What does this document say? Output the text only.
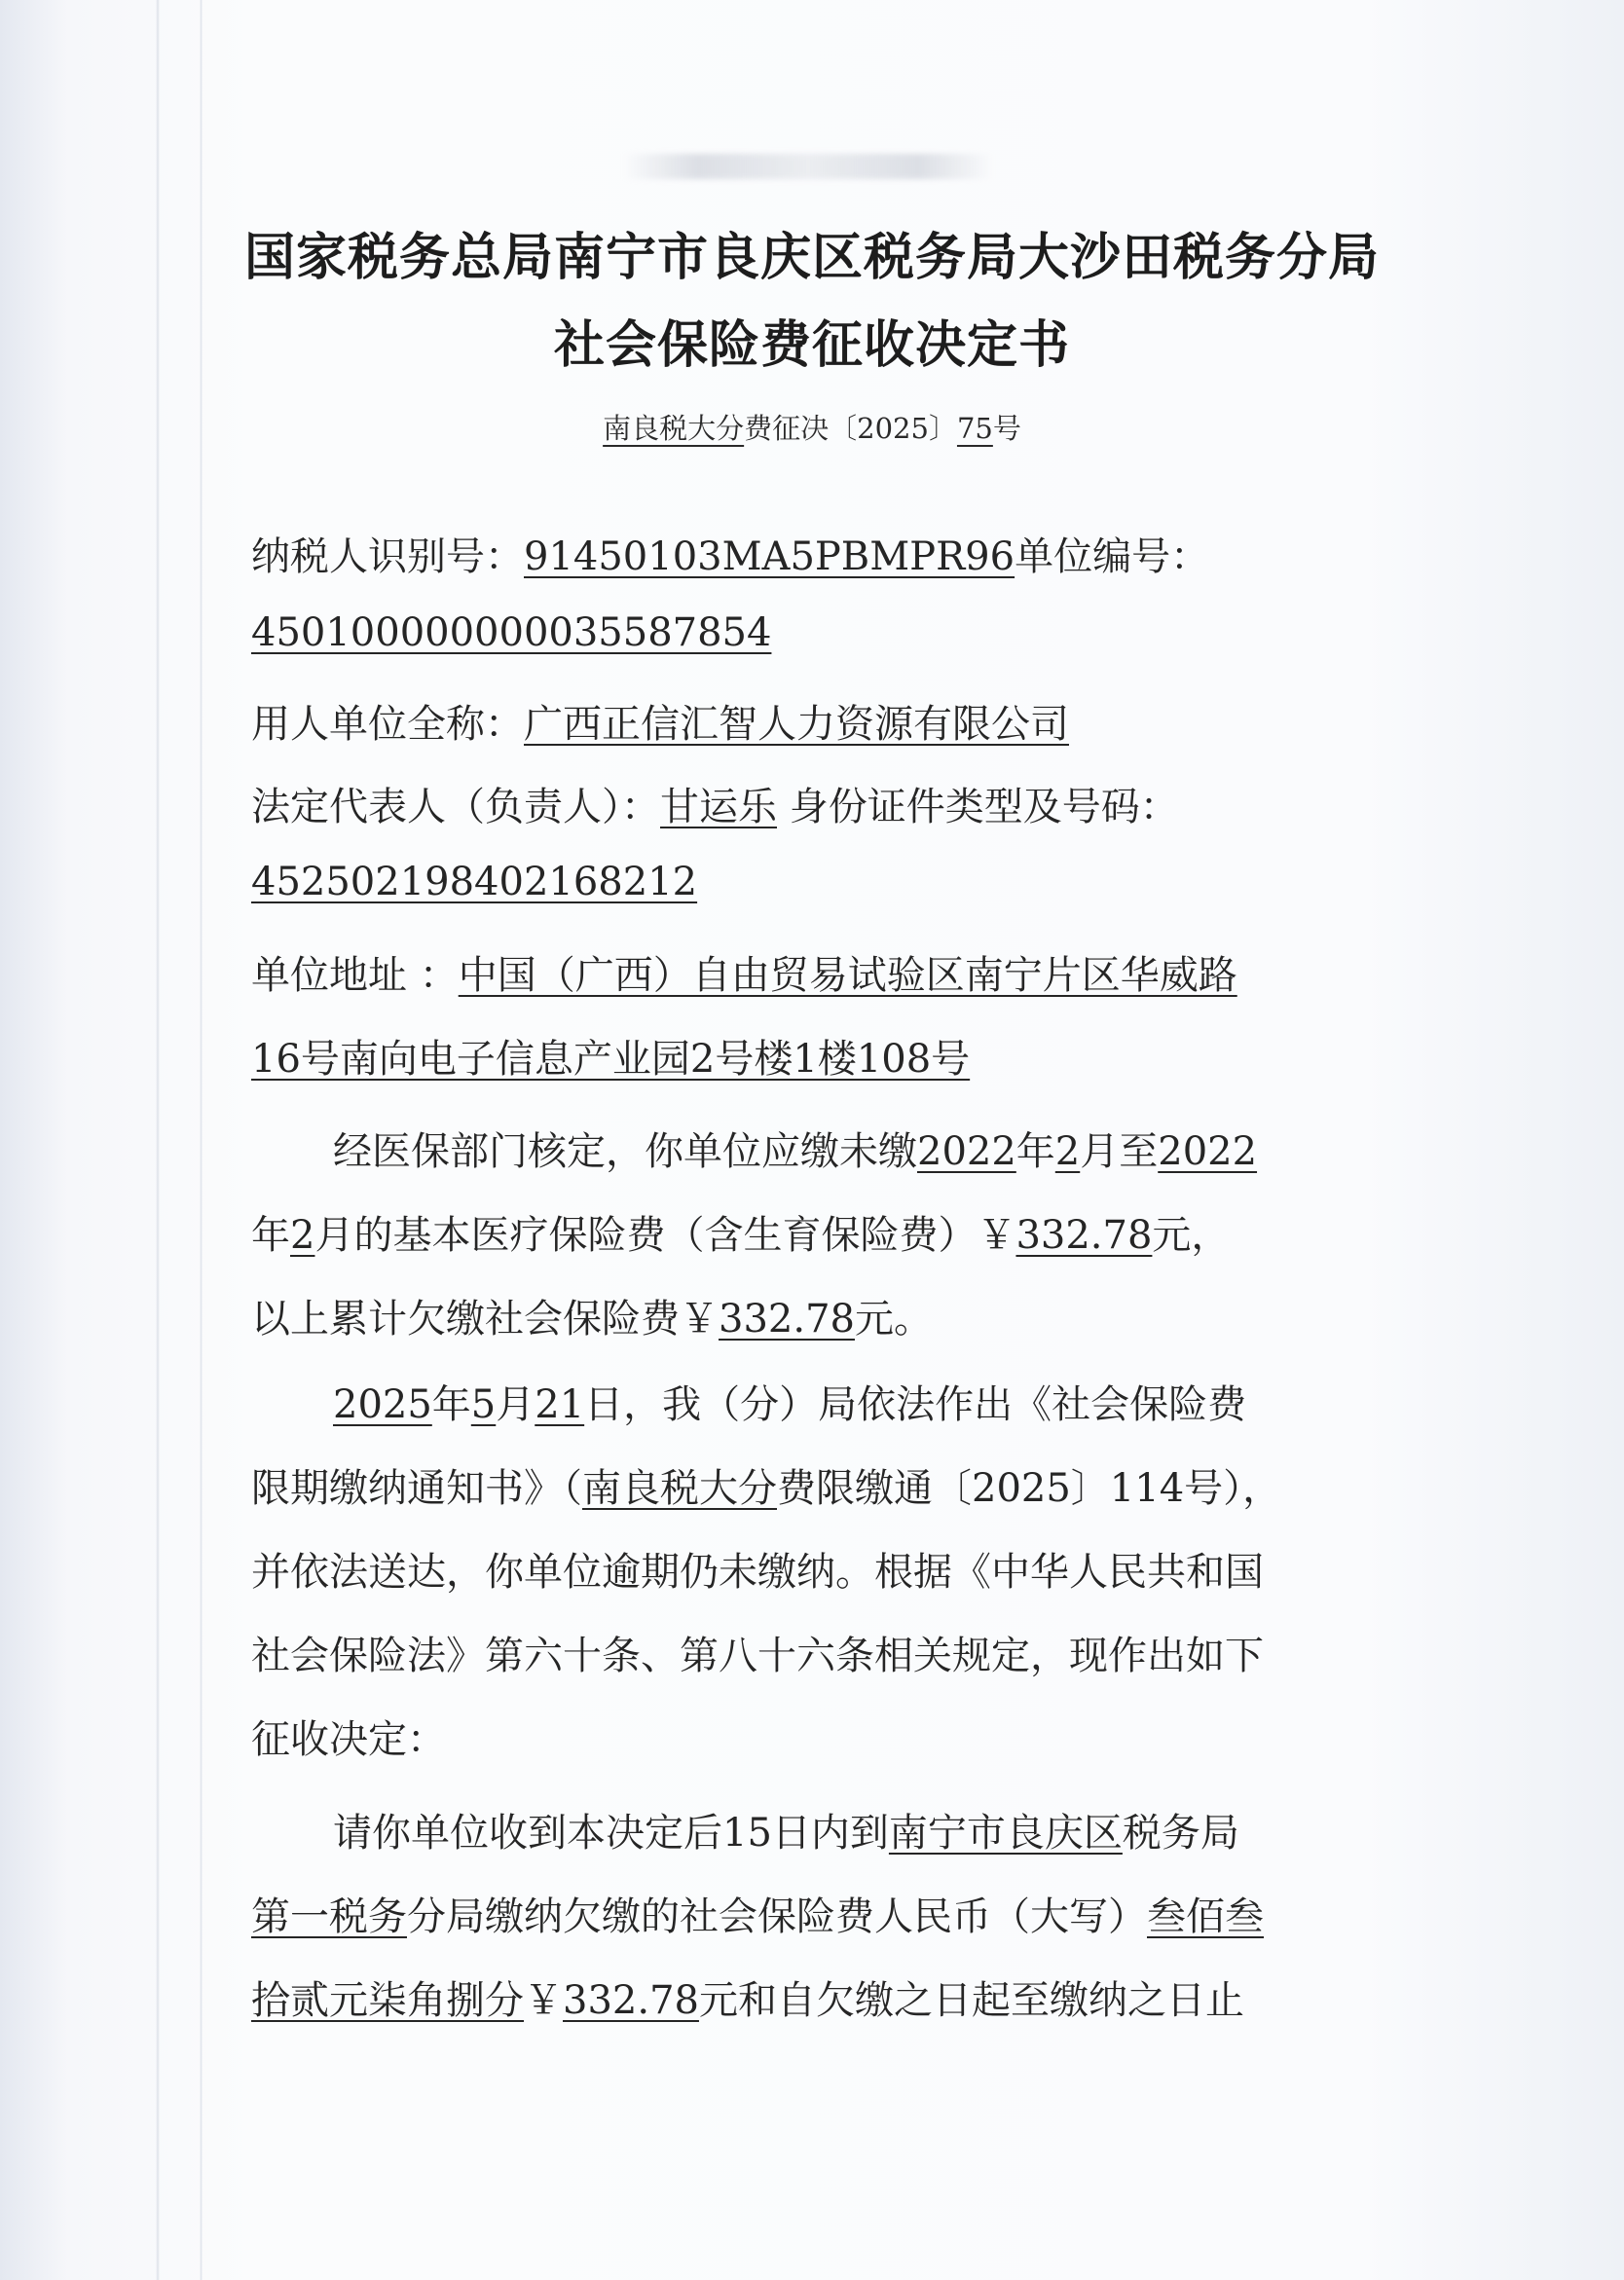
国家税务总局南宁市良庆区税务局大沙田税务分局
社会保险费征收决定书
南良税大分费征决〔2025〕75号
纳税人识别号：91450103MA5PBMPR96单位编号：
450100000000035587854
用人单位全称：广西正信汇智人力资源有限公司
法定代表人（负责人）：甘运乐 身份证件类型及号码：
452502198402168212
单位地址 ：中国（广西）自由贸易试验区南宁片区华威路
16号南向电子信息产业园2号楼1楼108号
经医保部门核定，你单位应缴未缴2022年2月至2022
年2月的基本医疗保险费（含生育保险费）￥332.78元，
以上累计欠缴社会保险费￥332.78元。
2025年5月21日，我（分）局依法作出《社会保险费
限期缴纳通知书》（南良税大分费限缴通〔2025〕114号），
并依法送达，你单位逾期仍未缴纳。根据《中华人民共和国
社会保险法》第六十条、第八十六条相关规定，现作出如下
征收决定：
请你单位收到本决定后15日内到南宁市良庆区税务局
第一税务分局缴纳欠缴的社会保险费人民币（大写）叁佰叁
拾贰元柒角捌分￥332.78元和自欠缴之日起至缴纳之日止
